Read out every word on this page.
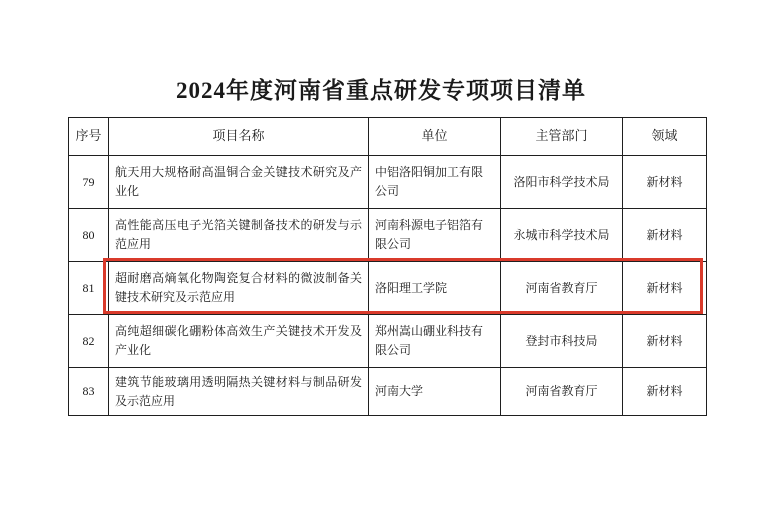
2024年度河南省重点研发专项项目清单
序号	项目名称	单位	主管部门	领域
79	航天用大规格耐高温铜合金关键技术研究及产业化	中铝洛阳铜加工有限公司	洛阳市科学技术局	新材料
80	高性能高压电子光箔关键制备技术的研发与示范应用	河南科源电子铝箔有限公司	永城市科学技术局	新材料
81	超耐磨高熵氧化物陶瓷复合材料的微波制备关键技术研究及示范应用	洛阳理工学院	河南省教育厅	新材料
82	高纯超细碳化硼粉体高效生产关键技术开发及产业化	郑州嵩山硼业科技有限公司	登封市科技局	新材料
83	建筑节能玻璃用透明隔热关键材料与制品研发及示范应用	河南大学	河南省教育厅	新材料
